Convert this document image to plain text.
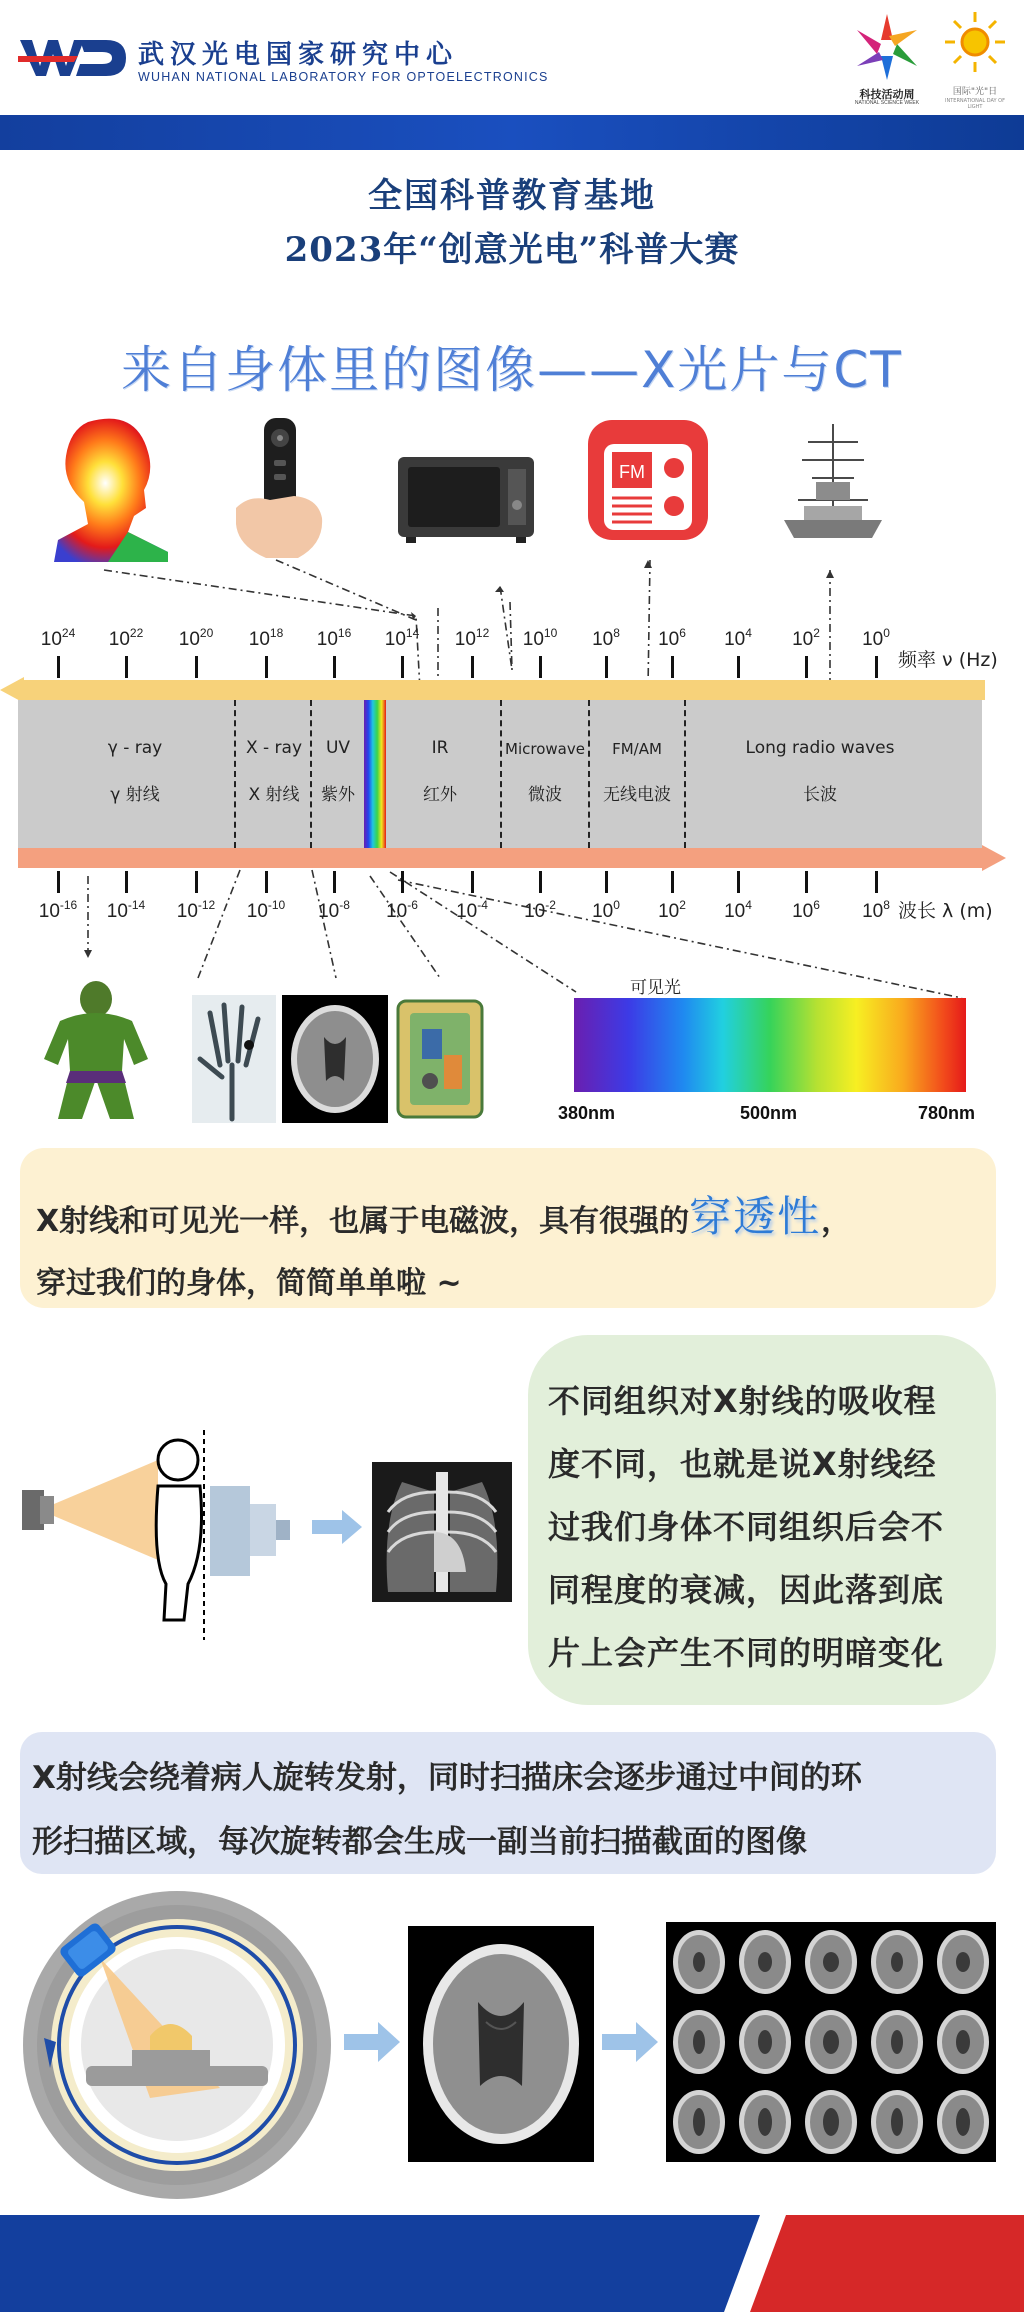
武汉光电国家研究中心
WUHAN NATIONAL LABORATORY FOR OPTOELECTRONICS
科技活动周
NATIONAL SCIENCE WEEK
国际"光"日
INTERNATIONAL DAY OF LIGHT
全国科普教育基地
2023年“创意光电”科普大赛
来自身体里的图像——X光片与CT
FM
$10^{24}$	$10^{22}$	$10^{20}$	$10^{18}$	$10^{16}$	$10^{14}$	$10^{12}$	$10^{10}$	$10^8$	$10^6$	$10^4$	$10^2$	$10^0$
频率 ν (Hz)
γ - ray
γ 射线
X - ray
X 射线
UV
紫外
IR
红外
Microwave
微波
FM/AM
无线电波
Long radio waves
长波
$10^{-16}$	$10^{-14}$	$10^{-12}$	$10^{-10}$	$10^{-8}$	$10^{-6}$	$10^{-4}$	$10^{-2}$	$10^0$	$10^2$	$10^4$	$10^6$	$10^8$ 波长 λ (m)
可见光
380nm	500nm	780nm
X射线和可见光一样，也属于电磁波，具有很强的穿透性，
穿过我们的身体，简简单单啦 ~
不同组织对X射线的吸收程
度不同，也就是说X射线经
过我们身体不同组织后会不
同程度的衰减，因此落到底
片上会产生不同的明暗变化
X射线会绕着病人旋转发射，同时扫描床会逐步通过中间的环
形扫描区域，每次旋转都会生成一副当前扫描截面的图像
